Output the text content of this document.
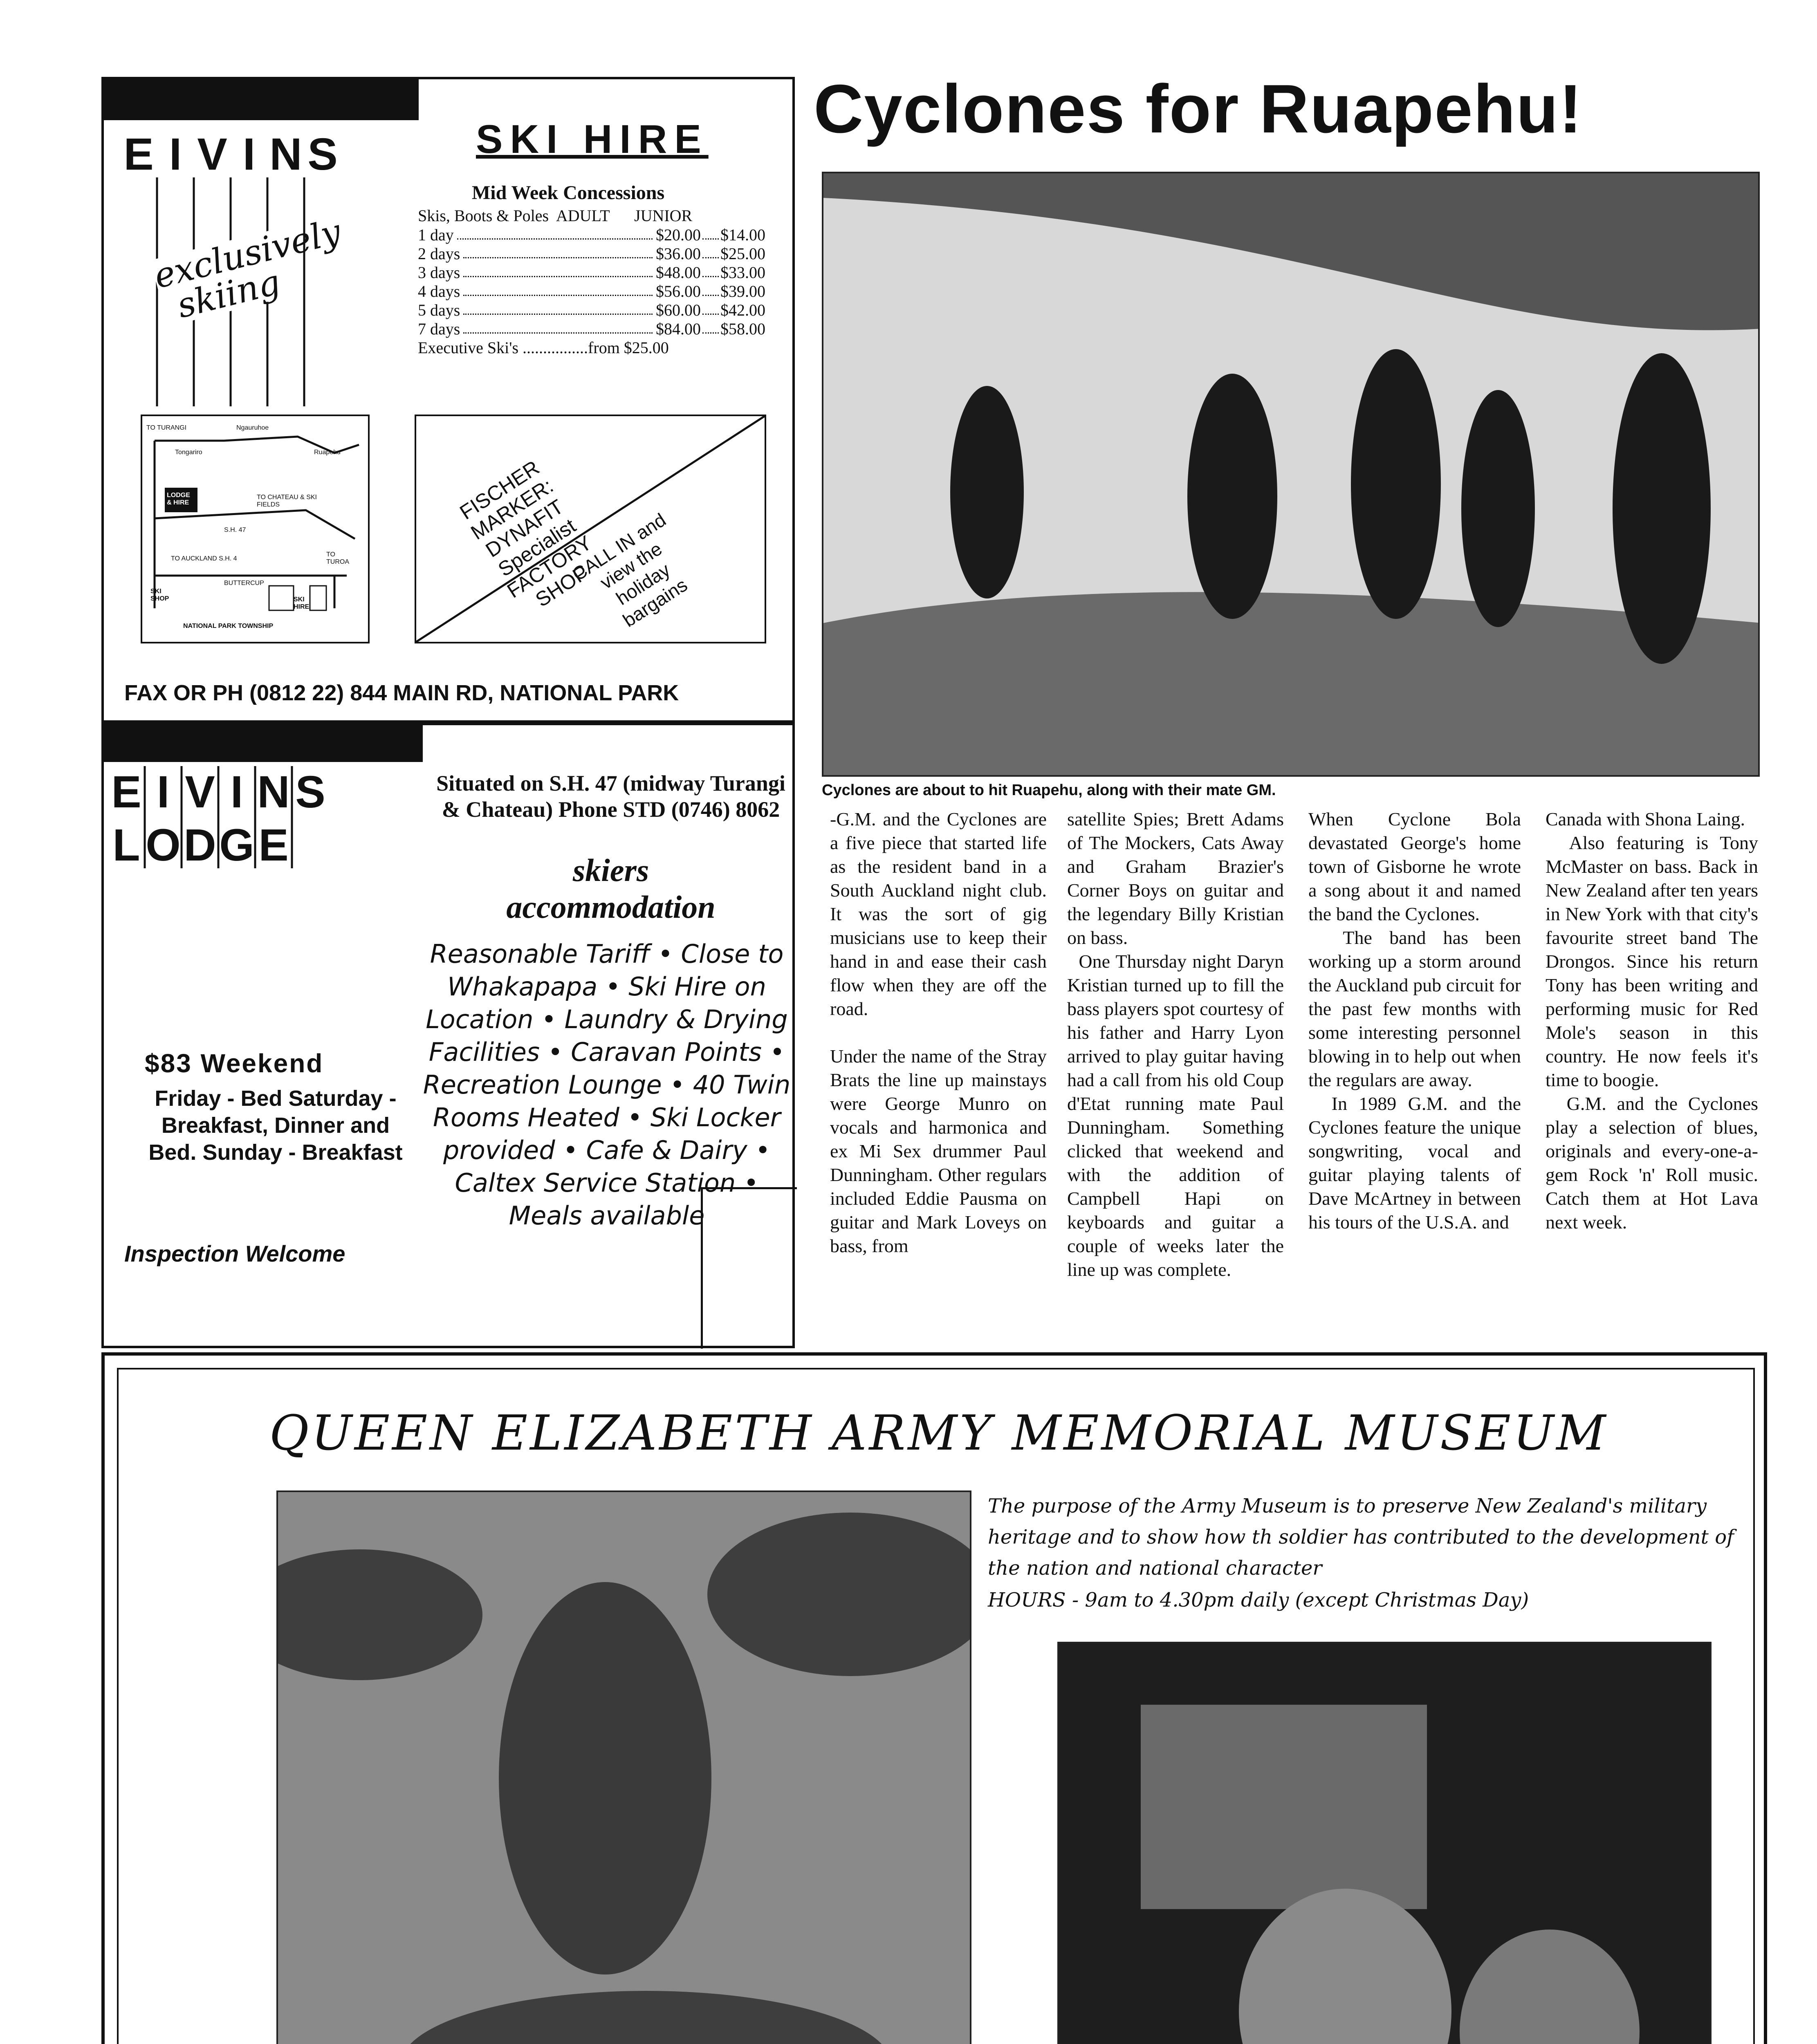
E I V I N S
exclusively skiing
SKI HIRE
Mid Week Concessions
Skis, Boots & Poles  ADULT      JUNIOR
1 day	$20.00 $14.00
2 days	$36.00 $25.00
3 days	$48.00 $33.00
4 days	$56.00 $39.00
5 days	$60.00 $42.00
7 days	$84.00 $58.00
Executive Ski's ................from $25.00
TO TURANGI	Ngauruhoe
Tongariro	Ruapehu
LODGE & HIRE
TO CHATEAU & SKI FIELDS
S.H. 47
TO AUCKLAND S.H. 4
TO TUROA
SKI SHOP
BUTTERCUP
SKI HIRE
NATIONAL PARK TOWNSHIP
FISCHER MARKER: DYNAFIT Specialist FACTORY SHOP
CALL IN and view the holiday bargains
FAX OR PH (0812 22) 844 MAIN RD, NATIONAL PARK
E I V I N S
L ODGE
$83 Weekend
Friday - Bed Saturday - Breakfast, Dinner and Bed. Sunday - Breakfast
Inspection Welcome
Situated on S.H. 47 (midway Turangi & Chateau) Phone STD (0746) 8062
skiers
accommodation
Reasonable Tariff • Close to Whakapapa • Ski Hire on Location • Laundry & Drying Facilities • Caravan Points • Recreation Lounge • 40 Twin Rooms Heated • Ski Locker provided • Cafe & Dairy • Caltex Service Station • Meals available
Cyclones for Ruapehu!
Cyclones are about to hit Ruapehu, along with their mate GM.
-G.M. and the Cyclones are a five piece that started life as the resident band in a South Auckland night club. It was the sort of gig musicians use to keep their hand in and ease their cash flow when they are off the road.

Under the name of the Stray Brats the line up mainstays were George Munro on vocals and harmonica and ex Mi Sex drummer Paul Dunningham. Other regulars included Eddie Pausma on guitar and Mark Loveys on bass, from
satellite Spies; Brett Adams of The Mockers, Cats Away and Graham Brazier's Corner Boys on guitar and the legendary Billy Kristian on bass.
One Thursday night Daryn Kristian turned up to fill the bass players spot courtesy of his father and Harry Lyon arrived to play guitar having had a call from his old Coup d'Etat running mate Paul Dunningham. Something clicked that weekend and with the addition of Campbell Hapi on keyboards and guitar a couple of weeks later the line up was complete.
When Cyclone Bola devastated George's home town of Gisborne he wrote a song about it and named the band the Cyclones.
The band has been working up a storm around the Auckland pub circuit for the past few months with some interesting personnel blowing in to help out when the regulars are away.
In 1989 G.M. and the Cyclones feature the unique songwriting, vocal and guitar playing talents of Dave McArtney in between his tours of the U.S.A. and
Canada with Shona Laing.
Also featuring is Tony McMaster on bass. Back in New Zealand after ten years in New York with that city's favourite street band The Drongos. Since his return Tony has been writing and performing music for Red Mole's season in this country. He now feels it's time to boogie.
G.M. and the Cyclones play a selection of blues, originals and every-one-a-gem Rock 'n' Roll music. Catch them at Hot Lava next week.
QUEEN ELIZABETH ARMY MEMORIAL MUSEUM
The purpose of the Army Museum is to preserve New Zealand's military heritage and to show how th soldier has contributed to the development of the nation and national character
HOURS - 9am to 4.30pm daily (except Christmas Day)
